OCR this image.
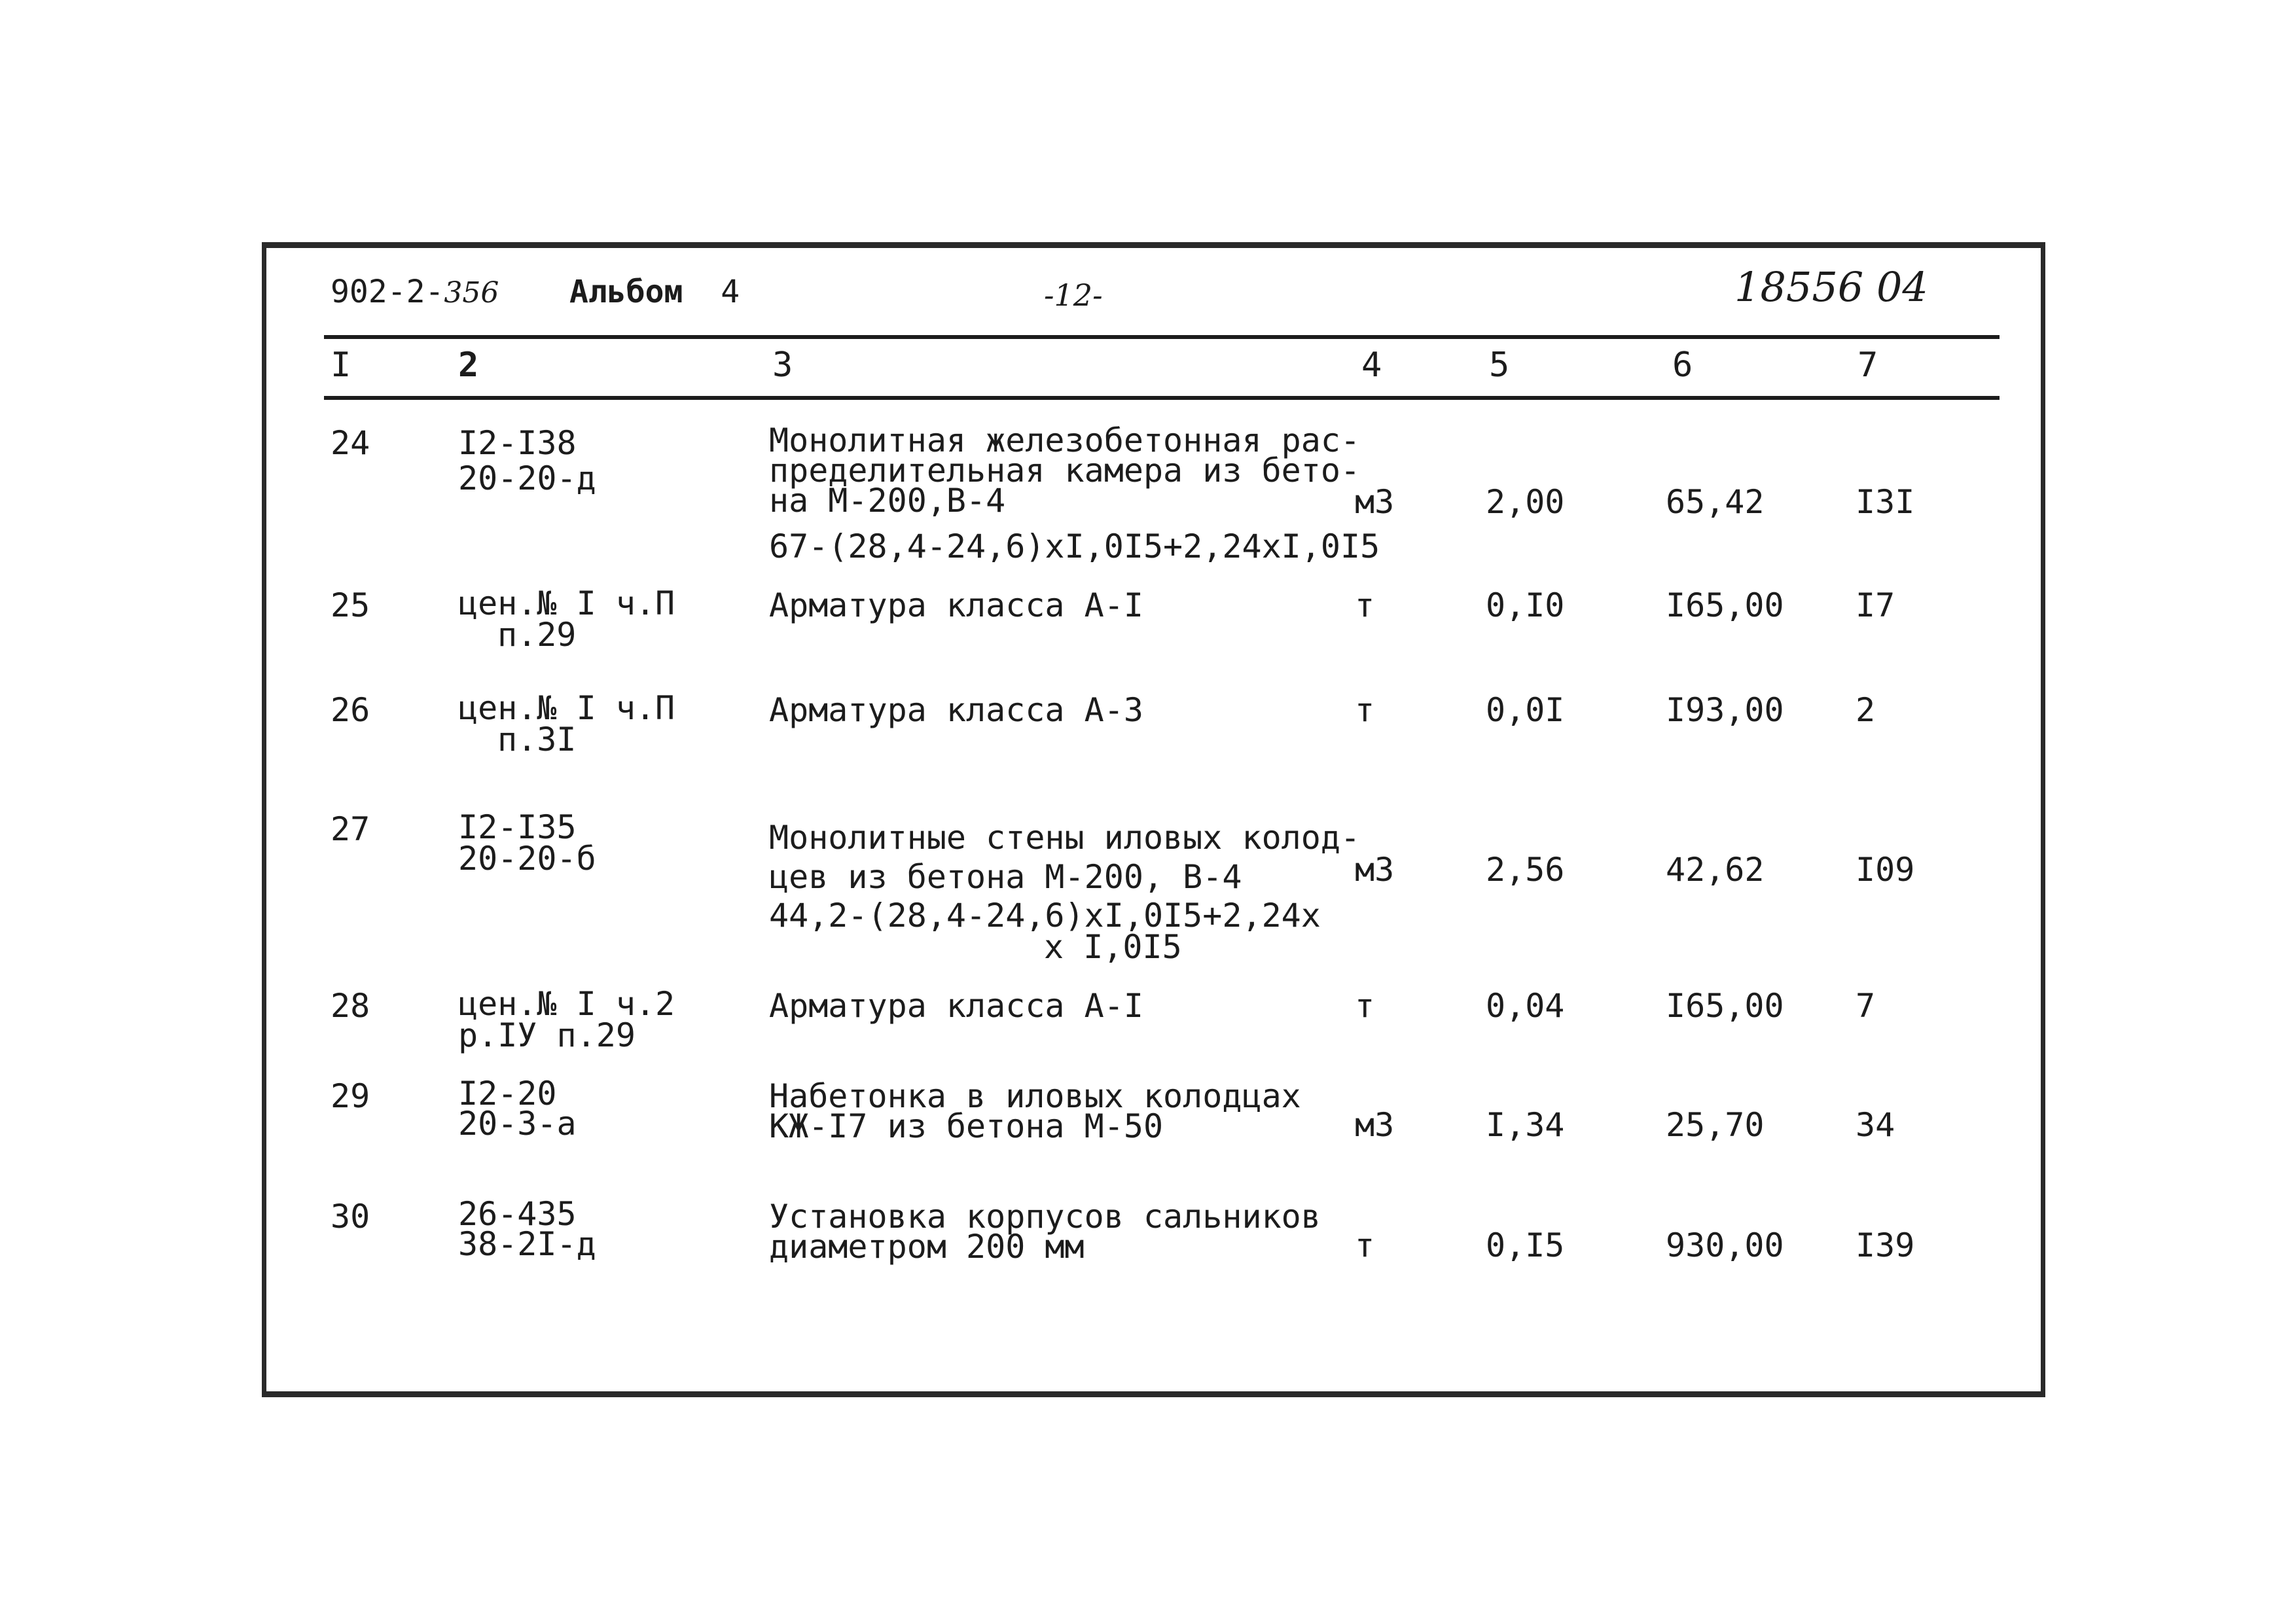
902-2-356 Альбом 4	-12-	18556 04
I	2	3	4	5	6	7
24	I2-I38
20-20-д
Монолитная железобетонная рас-
пределительная камера из бето-
на М-200,В-4
67-(28,4-24,6)xI,0I5+2,24xI,0I5
м3	2,00	65,42	I3I
25	цен.№ I ч.П
п.29
Арматура класса А-I	т	0,I0	I65,00 I7
26	цен.№ I ч.П
п.3I
Арматура класса А-3	т	0,0I	I93,00 2
27	I2-I35
20-20-б
Монолитные стены иловых колод-
цев из бетона М-200, В-4
44,2-(28,4-24,6)xI,0I5+2,24x
x I,0I5
м3	2,56	42,62	I09
28	цен.№ I ч.2
р.IУ п.29
Арматура класса А-I	т	0,04	I65,00 7
29	I2-20
20-3-а
Набетонка в иловых колодцах
КЖ-I7 из бетона М-50	м3	I,34	25,70	34
30	26-435
38-2I-д
Установка корпусов сальников
диаметром 200 мм	т	0,I5	930,00 I39
